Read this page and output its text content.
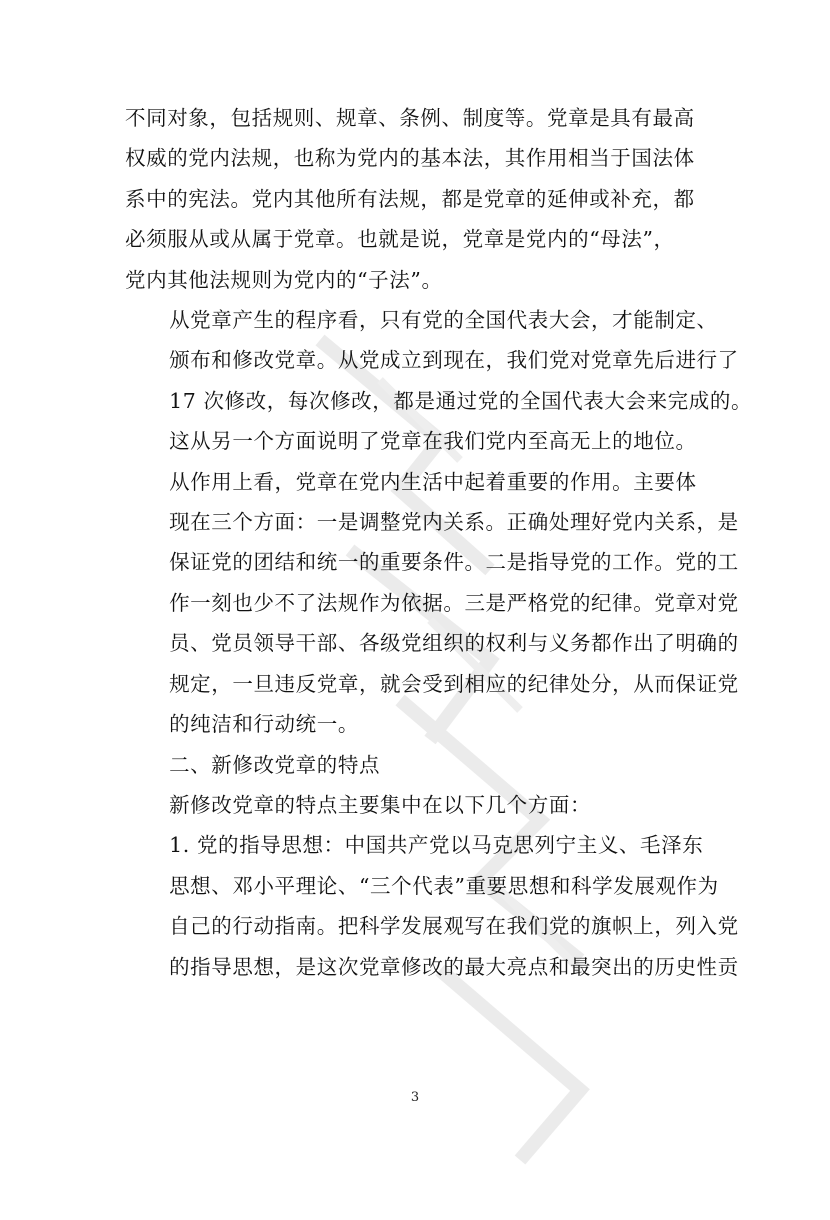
不同对象，包括规则、规章、条例、制度等。党章是具有最高
权威的党内法规，也称为党内的基本法，其作用相当于国法体
系中的宪法。党内其他所有法规，都是党章的延伸或补充，都
必须服从或从属于党章。也就是说，党章是党内的“母法”，
党内其他法规则为党内的“子法”。

从党章产生的程序看，只有党的全国代表大会，才能制定、
颁布和修改党章。从党成立到现在，我们党对党章先后进行了
17 次修改，每次修改，都是通过党的全国代表大会来完成的。
这从另一个方面说明了党章在我们党内至高无上的地位。

从作用上看，党章在党内生活中起着重要的作用。主要体
现在三个方面：一是调整党内关系。正确处理好党内关系，是
保证党的团结和统一的重要条件。二是指导党的工作。党的工
作一刻也少不了法规作为依据。三是严格党的纪律。党章对党
员、党员领导干部、各级党组织的权利与义务都作出了明确的
规定，一旦违反党章，就会受到相应的纪律处分，从而保证党
的纯洁和行动统一。

二、新修改党章的特点

新修改党章的特点主要集中在以下几个方面：

1. 党的指导思想：中国共产党以马克思列宁主义、毛泽东
思想、邓小平理论、“三个代表”重要思想和科学发展观作为
自己的行动指南。把科学发展观写在我们党的旗帜上，列入党
的指导思想，是这次党章修改的最大亮点和最突出的历史性贡

3
